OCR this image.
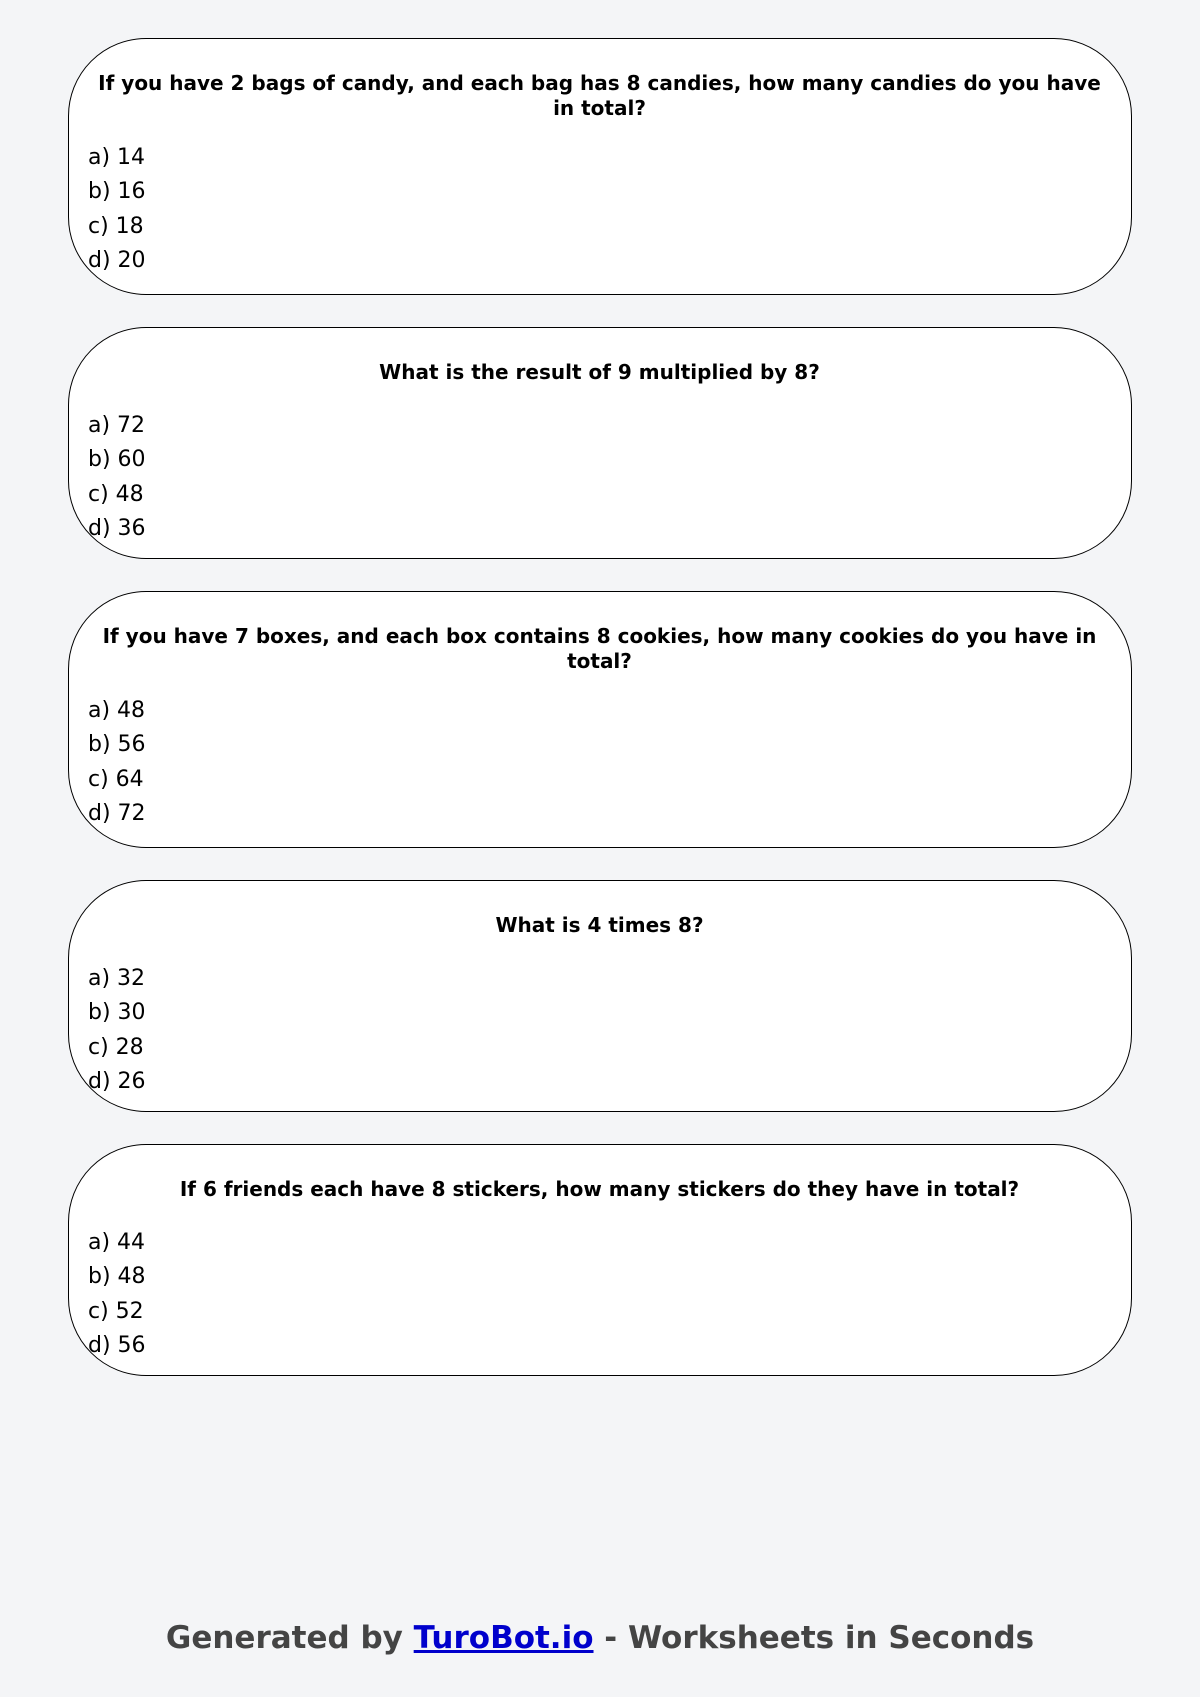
If you have 2 bags of candy, and each bag has 8 candies, how many candies do you have in total?
a) 14
b) 16
c) 18
d) 20
What is the result of 9 multiplied by 8?
a) 72
b) 60
c) 48
d) 36
If you have 7 boxes, and each box contains 8 cookies, how many cookies do you have in total?
a) 48
b) 56
c) 64
d) 72
What is 4 times 8?
a) 32
b) 30
c) 28
d) 26
If 6 friends each have 8 stickers, how many stickers do they have in total?
a) 44
b) 48
c) 52
d) 56
Generated by TuroBot.io - Worksheets in Seconds
